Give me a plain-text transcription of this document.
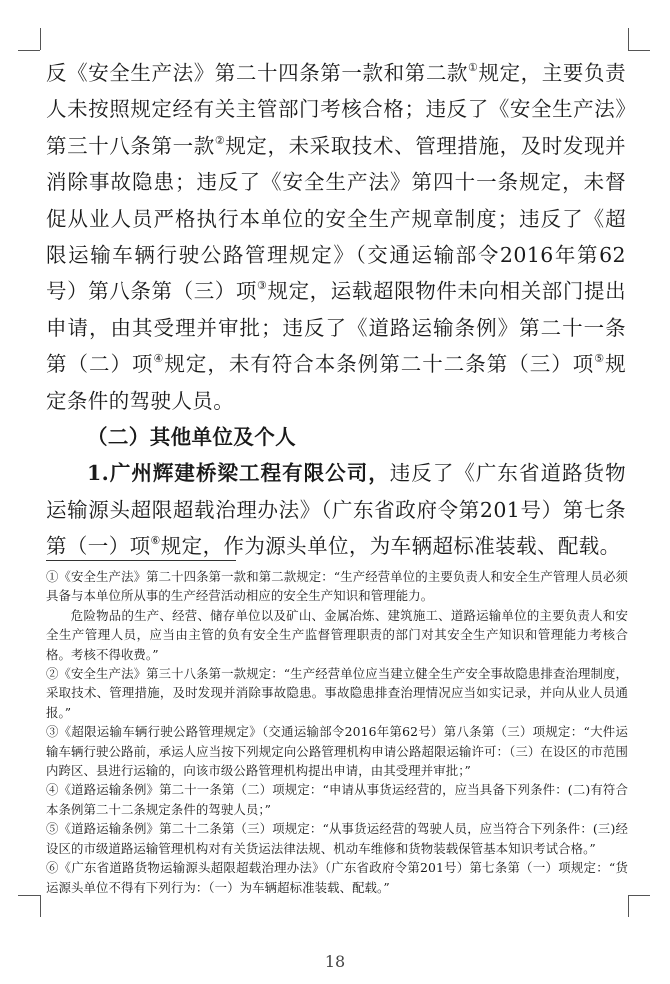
反《安全生产法》第二十四条第一款和第二款①规定，主要负责人未按照规定经有关主管部门考核合格；违反了《安全生产法》第三十八条第一款②规定，未采取技术、管理措施，及时发现并消除事故隐患；违反了《安全生产法》第四十一条规定，未督促从业人员严格执行本单位的安全生产规章制度；违反了《超限运输车辆行驶公路管理规定》（交通运输部令2016年第62号）第八条第（三）项③规定，运载超限物件未向相关部门提出申请，由其受理并审批；违反了《道路运输条例》第二十一条第（二）项④规定，未有符合本条例第二十二条第（三）项⑤规定条件的驾驶人员。

（二）其他单位及个人

1.广州辉建桥梁工程有限公司，违反了《广东省道路货物运输源头超限超载治理办法》（广东省政府令第201号）第七条第（一）项⑥规定，作为源头单位，为车辆超标准装载、配载。

①《安全生产法》第二十四条第一款和第二款规定：“生产经营单位的主要负责人和安全生产管理人员必须具备与本单位所从事的生产经营活动相应的安全生产知识和管理能力。

危险物品的生产、经营、储存单位以及矿山、金属冶炼、建筑施工、道路运输单位的主要负责人和安全生产管理人员，应当由主管的负有安全生产监督管理职责的部门对其安全生产知识和管理能力考核合格。考核不得收费。”

②《安全生产法》第三十八条第一款规定：“生产经营单位应当建立健全生产安全事故隐患排查治理制度，采取技术、管理措施，及时发现并消除事故隐患。事故隐患排查治理情况应当如实记录，并向从业人员通报。”

③《超限运输车辆行驶公路管理规定》（交通运输部令2016年第62号）第八条第（三）项规定：“大件运输车辆行驶公路前，承运人应当按下列规定向公路管理机构申请公路超限运输许可：（三）在设区的市范围内跨区、县进行运输的，向该市级公路管理机构提出申请，由其受理并审批；”

④《道路运输条例》第二十一条第（二）项规定：“申请从事货运经营的，应当具备下列条件：(二)有符合本条例第二十二条规定条件的驾驶人员；”

⑤《道路运输条例》第二十二条第（三）项规定：“从事货运经营的驾驶人员，应当符合下列条件：(三)经设区的市级道路运输管理机构对有关货运法律法规、机动车维修和货物装载保管基本知识考试合格。”

⑥《广东省道路货物运输源头超限超载治理办法》（广东省政府令第201号）第七条第（一）项规定：“货运源头单位不得有下列行为：（一）为车辆超标准装载、配载。”

18
